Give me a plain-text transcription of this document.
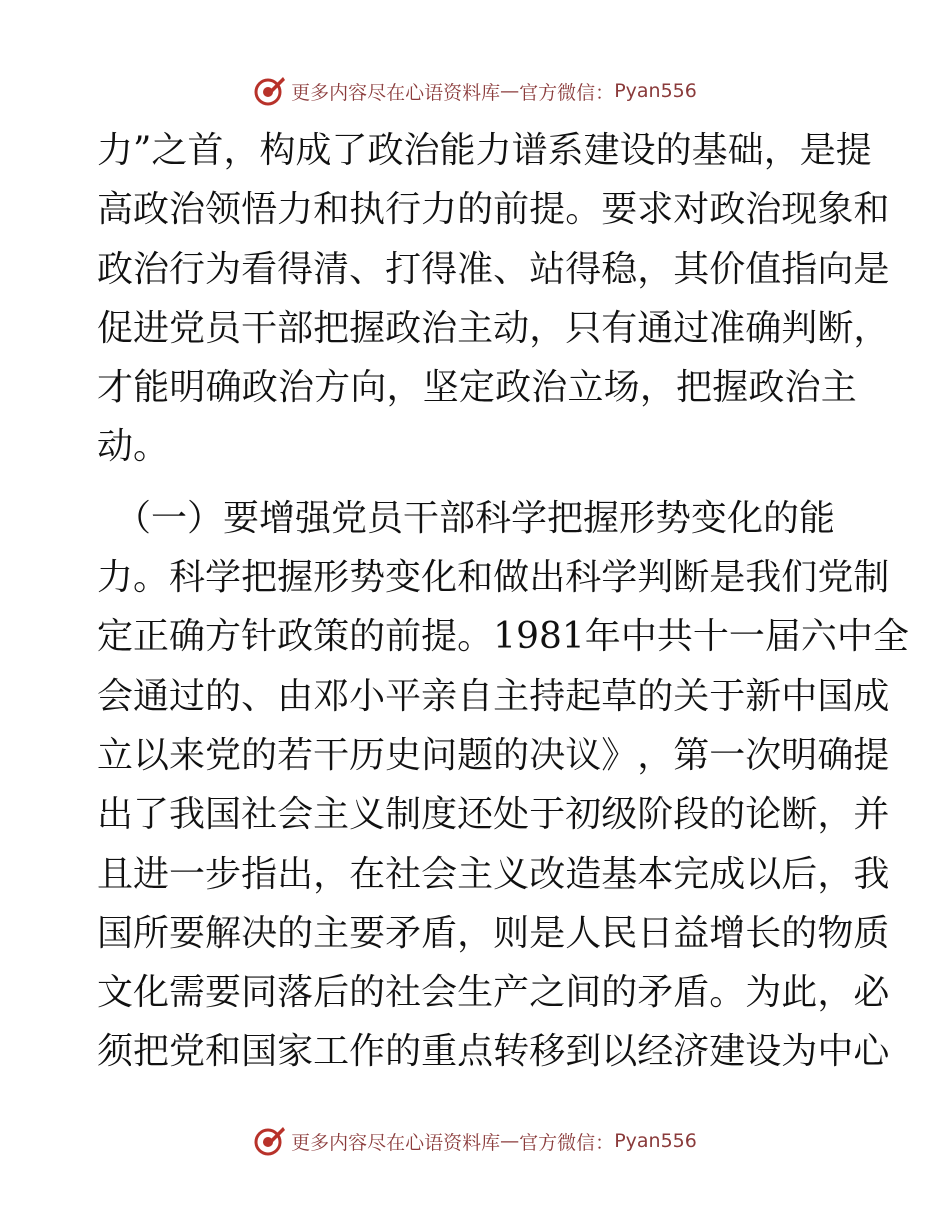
更多内容尽在心语资料库 — 官方微信： Pyan556
力 ” 之 首 ， 构 成 了 政 治 能 力 谱 系 建 设 的 基 础 ， 是 提
高 政 治 领 悟 力 和 执 行 力 的 前 提 。 要 求 对 政 治 现 象 和
政 治 行 为 看 得 清 、 打 得 准 、 站 得 稳 ， 其 价 值 指 向 是
促 进 党 员 干 部 把 握 政 治 主 动 ， 只 有 通 过 准 确 判 断 ，
才 能 明 确 政 治 方 向 ， 坚 定 政 治 立 场 ， 把 握 政 治 主
动。
（一）要增强党员干部科学把握形势变化的能
力 。 科 学 把 握 形 势 变 化 和 做 出 科 学 判 断 是 我 们 党 制
定 正 确 方 针 政 策 的 前 提 。 1 9 8 1 年 中 共 十 一 届 六 中 全
会 通 过 的 、 由 邓 小 平 亲 自 主 持 起 草 的 关 于 新 中 国 成
立 以 来 党 的 若 干 历 史 问 题 的 决 议 》 ， 第 一 次 明 确 提
出 了 我 国 社 会 主 义 制 度 还 处 于 初 级 阶 段 的 论 断 ， 并
且 进 一 步 指 出 ， 在 社 会 主 义 改 造 基 本 完 成 以 后 ， 我
国 所 要 解 决 的 主 要 矛 盾 ， 则 是 人 民 日 益 增 长 的 物 质
文 化 需 要 同 落 后 的 社 会 生 产 之 间 的 矛 盾 。 为 此 ， 必
须 把 党 和 国 家 工 作 的 重 点 转 移 到 以 经 济 建 设 为 中 心
更多内容尽在心语资料库 — 官方微信： Pyan556
